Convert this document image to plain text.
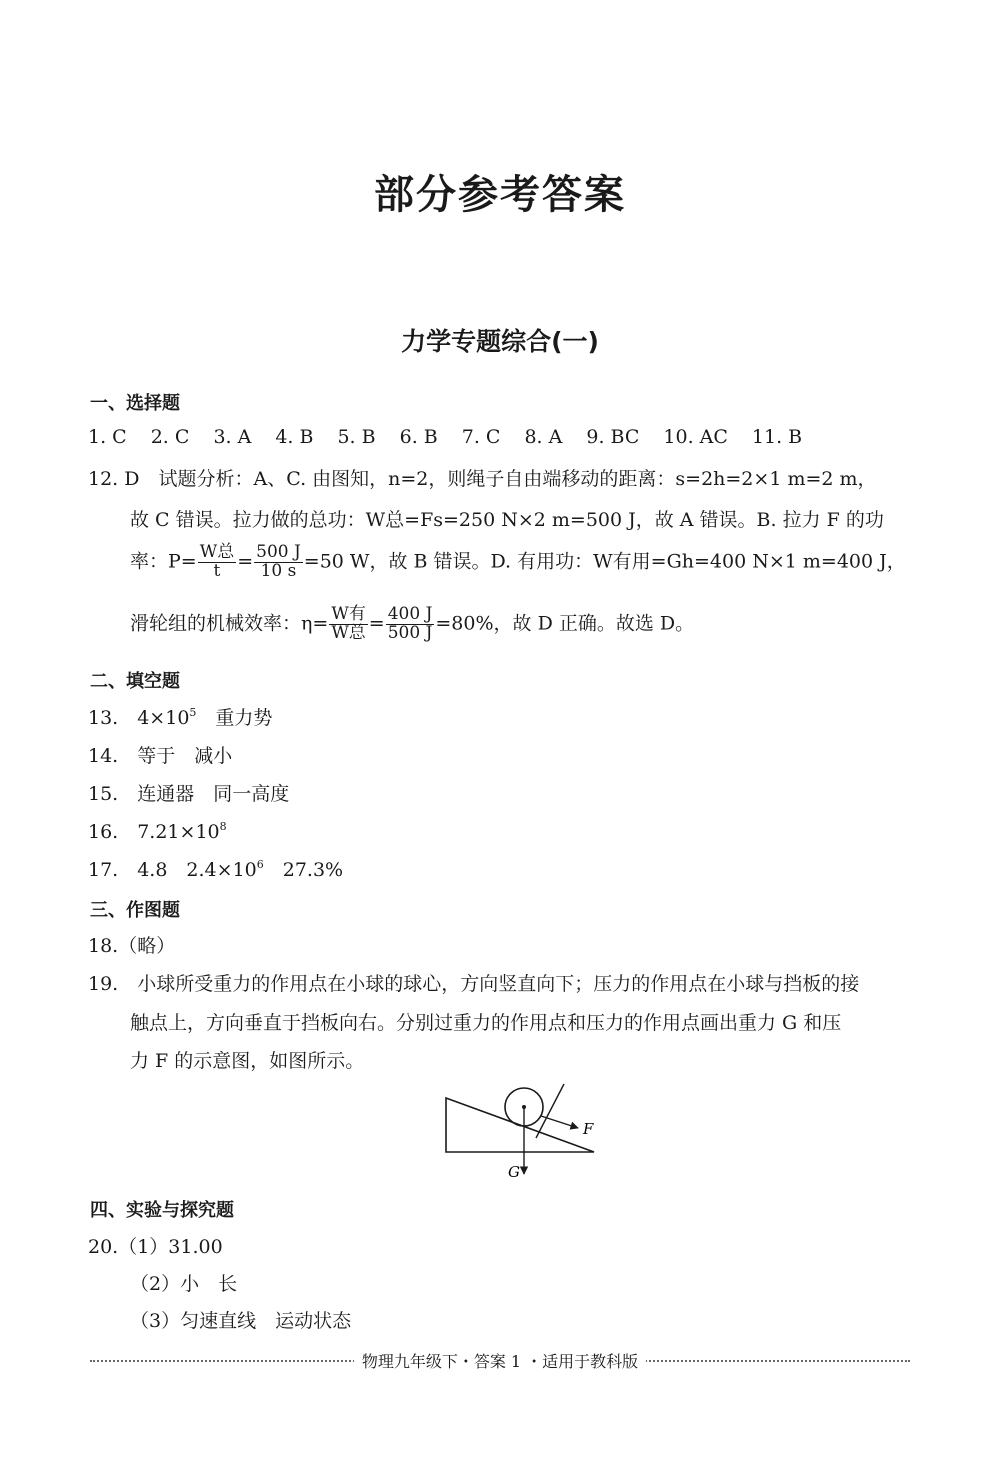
部分参考答案
力学专题综合(一)
一、选择题
1. C 2. C 3. A 4. B 5. B 6. B 7. C 8. A 9. BC 10. AC 11. B
12. D　试题分析：A、C. 由图知，n=2，则绳子自由端移动的距离：s=2h=2×1 m=2 m，
故 C 错误。拉力做的总功：W总=Fs=250 N×2 m=500 J，故 A 错误。B. 拉力 F 的功
率：$P= \frac{\text{W总}}{t} = \frac{500 J}{10 s} =50$ W，故 B 错误。D. 有用功：W有用=Gh=400 N×1 m=400 J，
滑轮组的机械效率：$\eta= \frac{\text{W有}}{\text{W总}} = \frac{400 J}{500 J} =80\%$，故 D 正确。故选 D。
二、填空题
13.　$4\times 10^5$　重力势
14.　等于　减小
15.　连通器　同一高度
16.　$7.21\times 10^8$
17.　4.8　$2.4\times 10^6$　27.3%
三、作图题
18.（略）
19.　小球所受重力的作用点在小球的球心，方向竖直向下；压力的作用点在小球与挡板的接
触点上，方向垂直于挡板向右。分别过重力的作用点和压力的作用点画出重力 G 和压
力 F 的示意图，如图所示。
F
G
四、实验与探究题
20.（1）31.00
（2）小　长
（3）匀速直线　运动状态
物理九年级下・答案 1 ・适用于教科版
